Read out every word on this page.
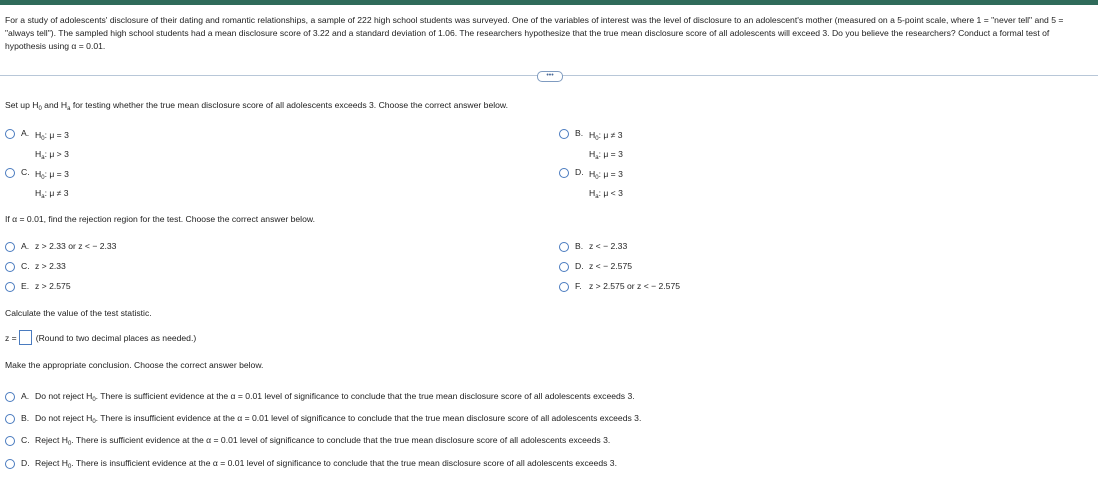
For a study of adolescents' disclosure of their dating and romantic relationships, a sample of 222 high school students was surveyed. One of the variables of interest was the level of disclosure to an adolescent's mother (measured on a 5-point scale, where 1 = "never tell" and 5 = "always tell"). The sampled high school students had a mean disclosure score of 3.22 and a standard deviation of 1.06. The researchers hypothesize that the true mean disclosure score of all adolescents will exceed 3. Do you believe the researchers? Conduct a formal test of hypothesis using α = 0.01.
•••
Set up $H_0$ and $H_a$ for testing whether the true mean disclosure score of all adolescents exceeds 3. Choose the correct answer below.
A. $H_0$: μ = 3
$H_a$: μ > 3
B. $H_0$: μ ≠ 3
$H_a$: μ = 3
C. $H_0$: μ = 3
$H_a$: μ ≠ 3
D. $H_0$: μ = 3
$H_a$: μ < 3
If α = 0.01, find the rejection region for the test. Choose the correct answer below.
A. z > 2.33 or z < − 2.33	B. z < − 2.33
C. z > 2.33	D. z < − 2.575
E. z > 2.575	F. z > 2.575 or z < − 2.575
Calculate the value of the test statistic.
z = (Round to two decimal places as needed.)
Make the appropriate conclusion. Choose the correct answer below.
A. Do not reject $H_0$. There is sufficient evidence at the α = 0.01 level of significance to conclude that the true mean disclosure score of all adolescents exceeds 3.
B. Do not reject $H_0$. There is insufficient evidence at the α = 0.01 level of significance to conclude that the true mean disclosure score of all adolescents exceeds 3.
C. Reject $H_0$. There is sufficient evidence at the α = 0.01 level of significance to conclude that the true mean disclosure score of all adolescents exceeds 3.
D. Reject $H_0$. There is insufficient evidence at the α = 0.01 level of significance to conclude that the true mean disclosure score of all adolescents exceeds 3.
